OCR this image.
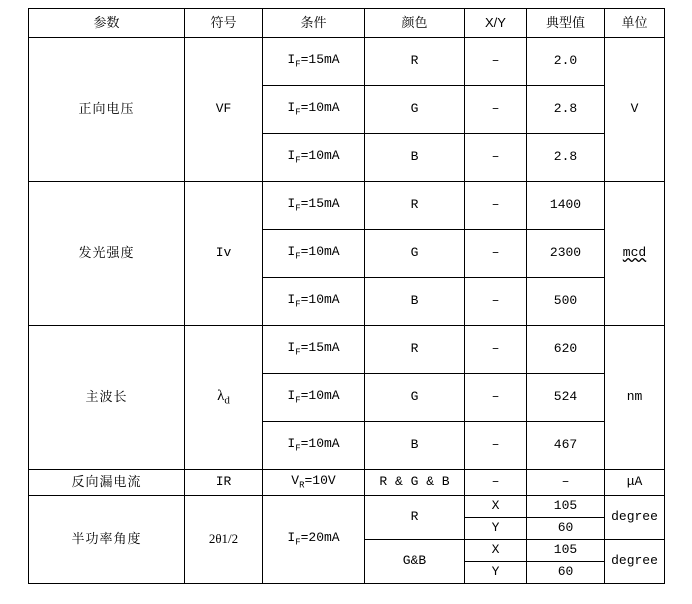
参数	符号	条件	颜色	X/Y	典型值	单位
正向电压	VF	$I_F=15mA$	R	–	2.0	V
		$I_F=10mA$	G	–	2.8	
		$I_F=10mA$	B	–	2.8	
发光强度	Iv	$I_F=15mA$	R	–	1400	mcd
		$I_F=10mA$	G	–	2300	
		$I_F=10mA$	B	–	500	
主波长	$\lambda_d$	$I_F=15mA$	R	–	620	nm
		$I_F=10mA$	G	–	524	
		$I_F=10mA$	B	–	467	
反向漏电流	IR	$V_R=10V$	R & G & B	–	–	μA
半功率角度	2θ1/2	$I_F=20mA$	R	X	105	degree
				Y	60	
			G&B	X	105	degree
				Y	60	
